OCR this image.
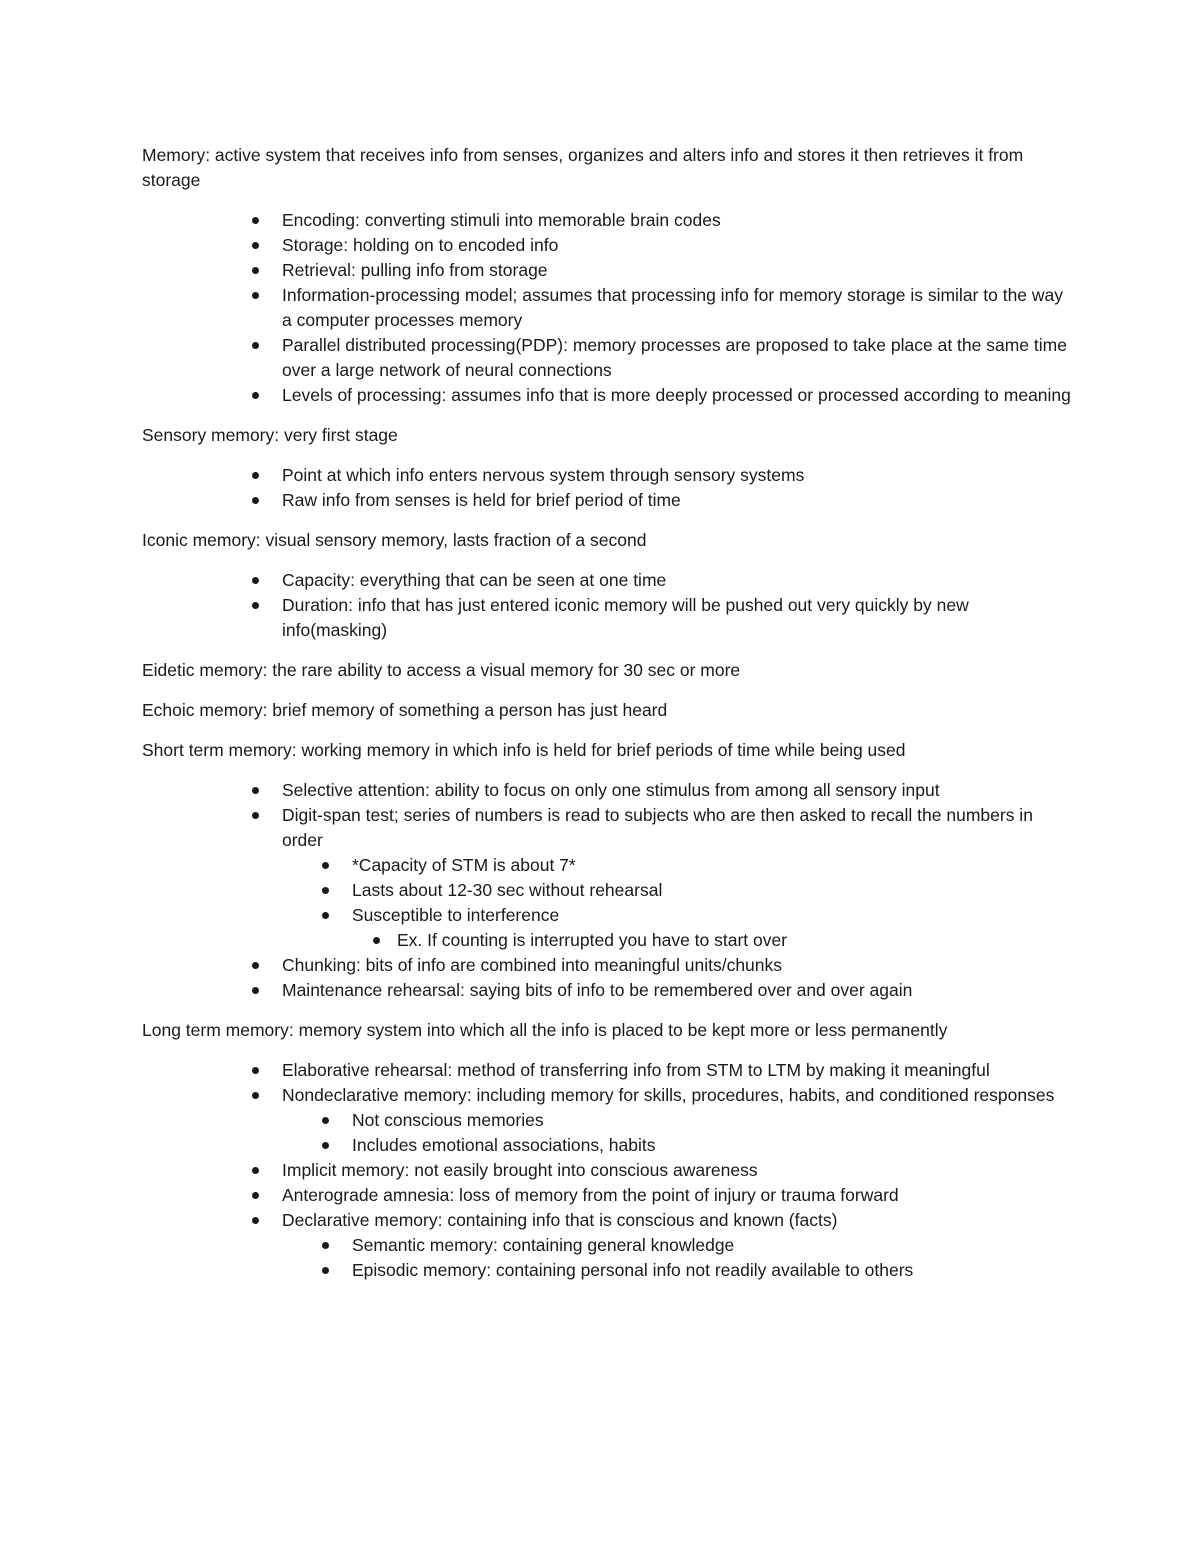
Memory: active system that receives info from senses, organizes and alters info and stores it then retrieves it from storage

Encoding: converting stimuli into memorable brain codes
Storage: holding on to encoded info
Retrieval: pulling info from storage
Information-processing model; assumes that processing info for memory storage is similar to the way a computer processes memory
Parallel distributed processing(PDP): memory processes are proposed to take place at the same time over a large network of neural connections
Levels of processing: assumes info that is more deeply processed or processed according to meaning

Sensory memory: very first stage

Point at which info enters nervous system through sensory systems
Raw info from senses is held for brief period of time

Iconic memory: visual sensory memory, lasts fraction of a second

Capacity: everything that can be seen at one time
Duration: info that has just entered iconic memory will be pushed out very quickly by new info(masking)

Eidetic memory: the rare ability to access a visual memory for 30 sec or more

Echoic memory: brief memory of something a person has just heard

Short term memory: working memory in which info is held for brief periods of time while being used

Selective attention: ability to focus on only one stimulus from among all sensory input
Digit-span test; series of numbers is read to subjects who are then asked to recall the numbers in order
*Capacity of STM is about 7*
Lasts about 12-30 sec without rehearsal
Susceptible to interference
Ex. If counting is interrupted you have to start over
Chunking: bits of info are combined into meaningful units/chunks
Maintenance rehearsal: saying bits of info to be remembered over and over again

Long term memory: memory system into which all the info is placed to be kept more or less permanently

Elaborative rehearsal: method of transferring info from STM to LTM by making it meaningful
Nondeclarative memory: including memory for skills, procedures, habits, and conditioned responses
Not conscious memories
Includes emotional associations, habits
Implicit memory: not easily brought into conscious awareness
Anterograde amnesia: loss of memory from the point of injury or trauma forward
Declarative memory: containing info that is conscious and known (facts)
Semantic memory: containing general knowledge
Episodic memory: containing personal info not readily available to others
